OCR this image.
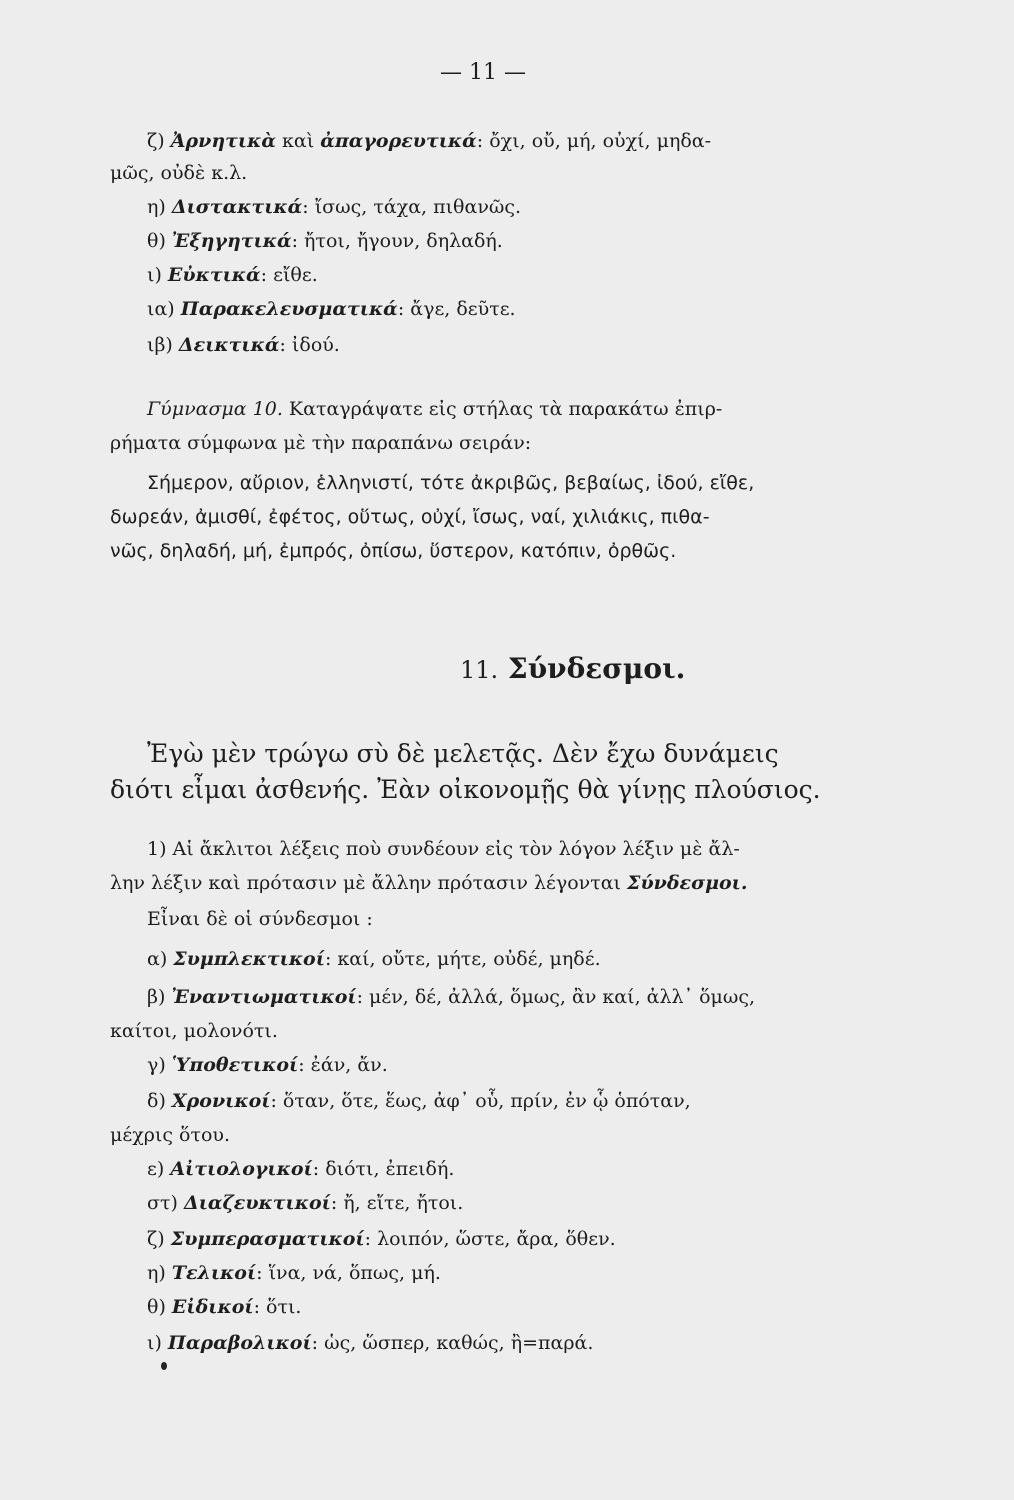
— 11 —
ζ) Ἀρνητικὰ καὶ ἀπαγορευτικά: ὄχι, οὔ, μή, οὐχί, μηδα-
μῶς, οὐδὲ κ.λ.
η) Διστακτικά: ἴσως, τάχα, πιθανῶς.
θ) Ἐξηγητικά: ἤτοι, ἤγουν, δηλαδή.
ι) Εὐκτικά: εἴθε.
ια) Παρακελευσματικά: ἄγε, δεῦτε.
ιβ) Δεικτικά: ἰδού.
Γύμνασμα 10. Καταγράψατε εἰς στήλας τὰ παρακάτω ἐπιρ-
ρήματα σύμφωνα μὲ τὴν παραπάνω σειράν:
Σήμερον, αὔριον, ἑλληνιστί, τότε ἀκριβῶς, βεβαίως, ἰδού, εἴθε,
δωρεάν, ἀμισθί, ἐφέτος, οὕτως, οὐχί, ἴσως, ναί, χιλιάκις, πιθα-
νῶς, δηλαδή, μή, ἐμπρός, ὀπίσω, ὕστερον, κατόπιν, ὀρθῶς.
11. Σύνδεσμοι.
Ἐγὼ μὲν τρώγω σὺ δὲ μελετᾷς. Δὲν ἔχω δυνάμεις
διότι εἶμαι ἀσθενής. Ἐὰν οἰκονομῇς θὰ γίνῃς πλούσιος.
1) Αἱ ἄκλιτοι λέξεις ποὺ συνδέουν εἰς τὸν λόγον λέξιν μὲ ἄλ-
λην λέξιν καὶ πρότασιν μὲ ἄλλην πρότασιν λέγονται Σύνδεσμοι.
Εἶναι δὲ οἱ σύνδεσμοι :
α) Συμπλεκτικοί: καί, οὔτε, μήτε, οὐδέ, μηδέ.
β) Ἐναντιωματικοί: μέν, δέ, ἀλλά, ὅμως, ἂν καί, ἀλλ᾿ ὅμως,
καίτοι, μολονότι.
γ) Ὑποθετικοί: ἐάν, ἄν.
δ) Χρονικοί: ὅταν, ὅτε, ἕως, ἀφ᾿ οὗ, πρίν, ἐν ᾧ ὁπόταν,
μέχρις ὅτου.
ε) Αἰτιολογικοί: διότι, ἐπειδή.
στ) Διαζευκτικοί: ἤ, εἴτε, ἤτοι.
ζ) Συμπερασματικοί: λοιπόν, ὥστε, ἄρα, ὅθεν.
η) Τελικοί: ἵνα, νά, ὅπως, μή.
θ) Εἰδικοί: ὅτι.
ι) Παραβολικοί: ὡς, ὥσπερ, καθώς, ἢ=παρά.
